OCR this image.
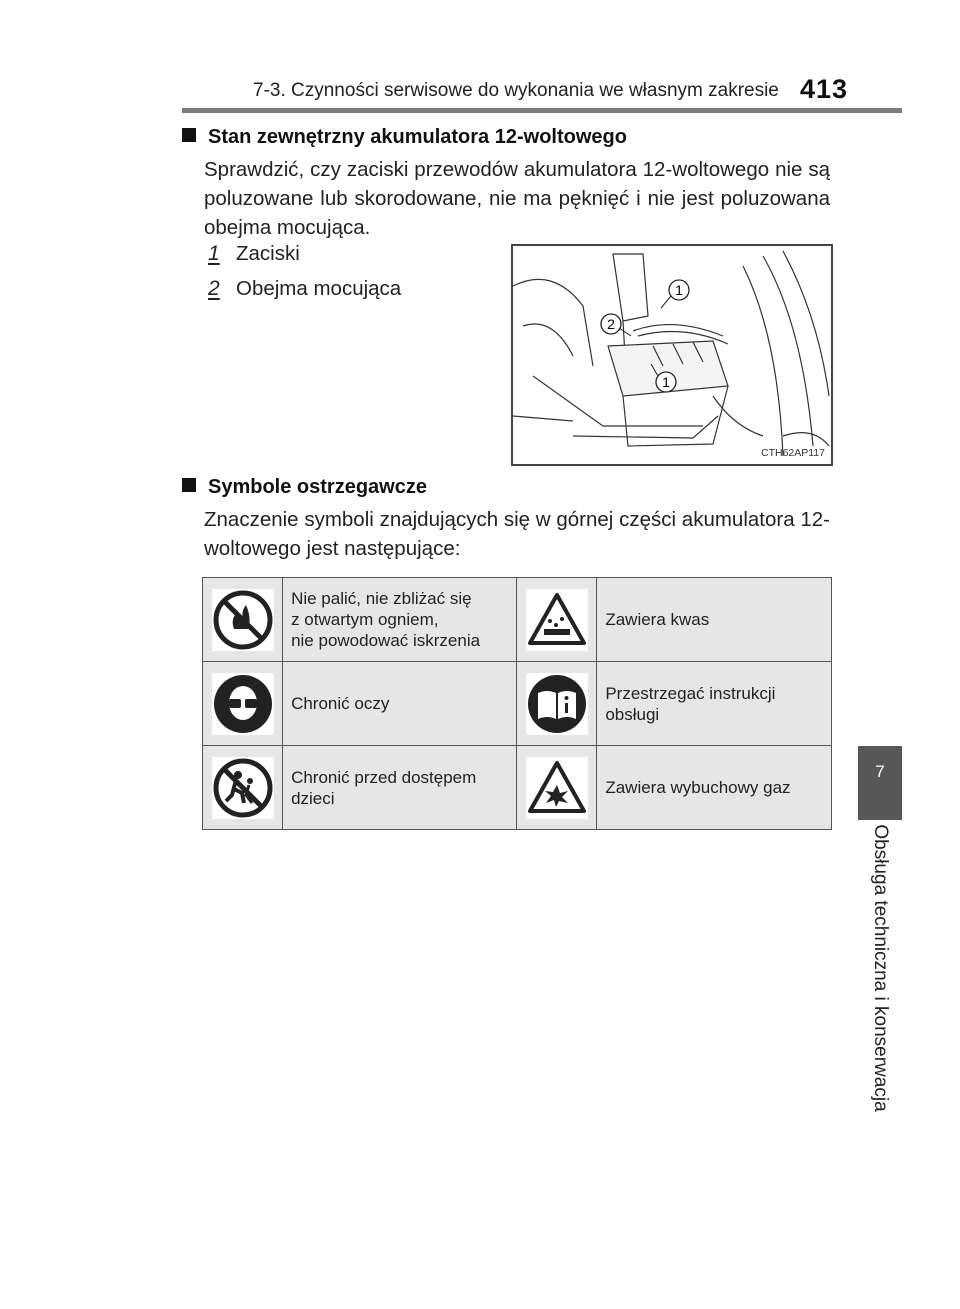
7-3. Czynności serwisowe do wykonania we własnym zakresie 413
7
Obsługa techniczna i konserwacja
Stan zewnętrzny akumulatora 12-woltowego
Sprawdzić, czy zaciski przewodów akumulatora 12-woltowego nie są poluzowane lub skorodowane, nie ma pęknięć i nie jest poluzowana obejma mocująca.
1 Zaciski
2 Obejma mocująca	1
2
1
CTH62AP117
Symbole ostrzegawcze
Znaczenie symboli znajdujących się w górnej części akumulatora 12-woltowego jest następujące:
	Nie palić, nie zbliżać się
z otwartym ogniem,
nie powodować iskrzenia		Zawiera kwas

	Chronić oczy		Przestrzegać instrukcji
obsługi

	Chronić przed dostępem
dzieci		Zawiera wybuchowy gaz
